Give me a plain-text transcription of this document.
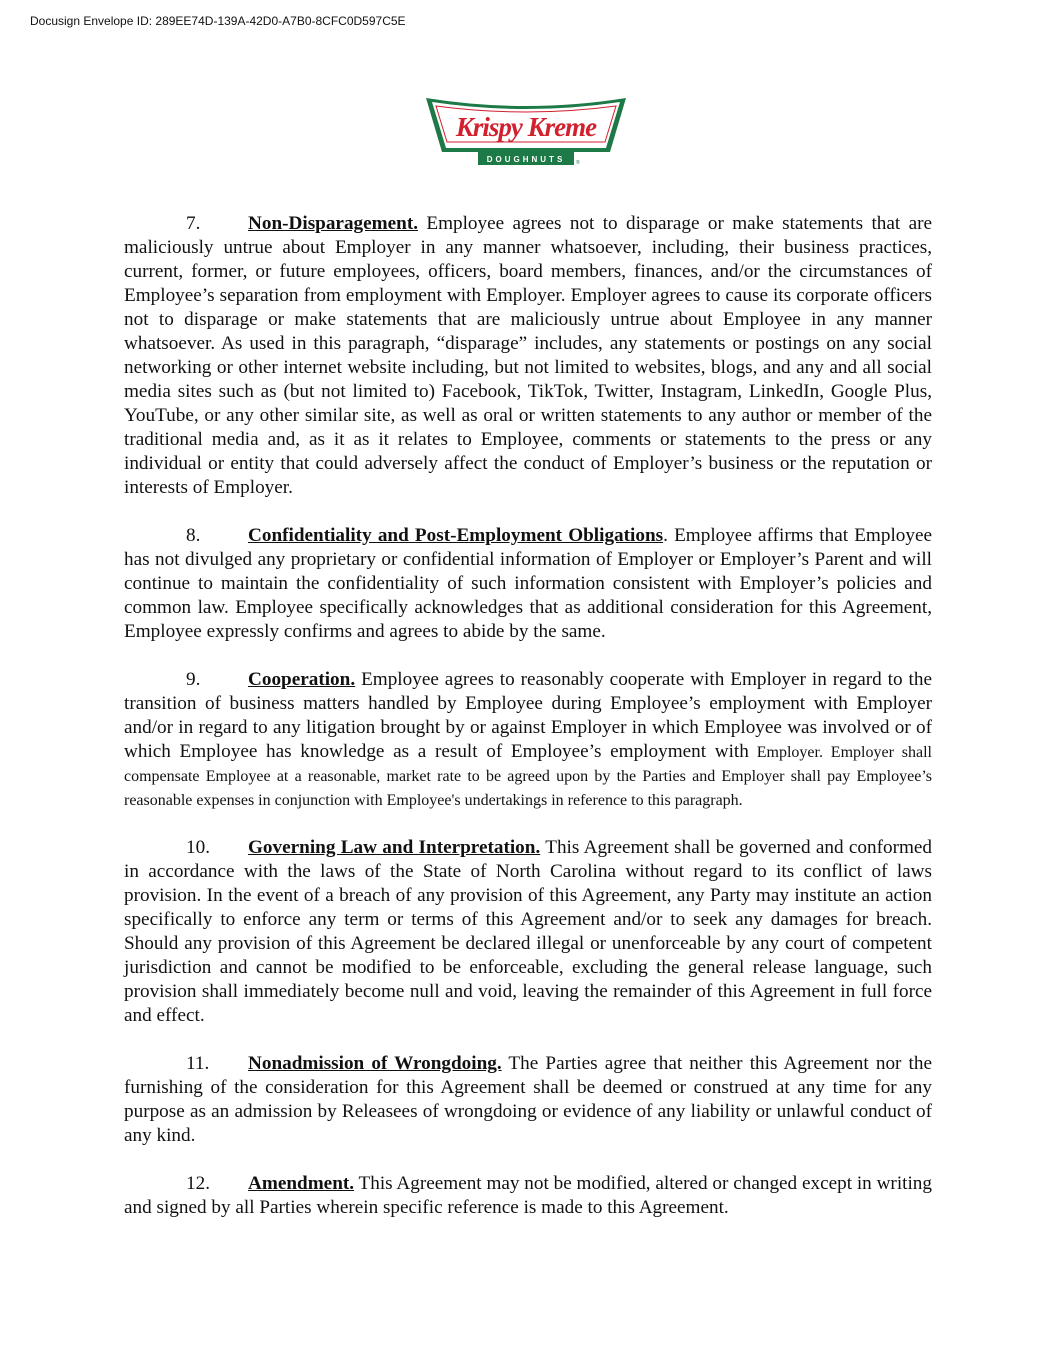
Docusign Envelope ID: 289EE74D-139A-42D0-A7B0-8CFC0D597C5E
Krispy Kreme
DOUGHNUTS ®

7. Non-Disparagement. Employee agrees not to disparage or make statements that are maliciously untrue about Employer in any manner whatsoever, including, their business practices, current, former, or future employees, officers, board members, finances, and/or the circumstances of Employee’s separation from employment with Employer. Employer agrees to cause its corporate officers not to disparage or make statements that are maliciously untrue about Employee in any manner whatsoever. As used in this paragraph, “disparage” includes, any statements or postings on any social networking or other internet website including, but not limited to websites, blogs, and any and all social media sites such as (but not limited to) Facebook, TikTok, Twitter, Instagram, LinkedIn, Google Plus, YouTube, or any other similar site, as well as oral or written statements to any author or member of the traditional media and, as it as it relates to Employee, comments or statements to the press or any individual or entity that could adversely affect the conduct of Employer’s business or the reputation or interests of Employer.

8. Confidentiality and Post-Employment Obligations. Employee affirms that Employee has not divulged any proprietary or confidential information of Employer or Employer’s Parent and will continue to maintain the confidentiality of such information consistent with Employer’s policies and common law. Employee specifically acknowledges that as additional consideration for this Agreement, Employee expressly confirms and agrees to abide by the same.

9. Cooperation. Employee agrees to reasonably cooperate with Employer in regard to the transition of business matters handled by Employee during Employee’s employment with Employer and/or in regard to any litigation brought by or against Employer in which Employee was involved or of which Employee has knowledge as a result of Employee’s employment with Employer. Employer shall compensate Employee at a reasonable, market rate to be agreed upon by the Parties and Employer shall pay Employee’s reasonable expenses in conjunction with Employee's undertakings in reference to this paragraph.

10. Governing Law and Interpretation. This Agreement shall be governed and conformed in accordance with the laws of the State of North Carolina without regard to its conflict of laws provision. In the event of a breach of any provision of this Agreement, any Party may institute an action specifically to enforce any term or terms of this Agreement and/or to seek any damages for breach. Should any provision of this Agreement be declared illegal or unenforceable by any court of competent jurisdiction and cannot be modified to be enforceable, excluding the general release language, such provision shall immediately become null and void, leaving the remainder of this Agreement in full force and effect.

11. Nonadmission of Wrongdoing. The Parties agree that neither this Agreement nor the furnishing of the consideration for this Agreement shall be deemed or construed at any time for any purpose as an admission by Releasees of wrongdoing or evidence of any liability or unlawful conduct of any kind.

12. Amendment. This Agreement may not be modified, altered or changed except in writing and signed by all Parties wherein specific reference is made to this Agreement.
